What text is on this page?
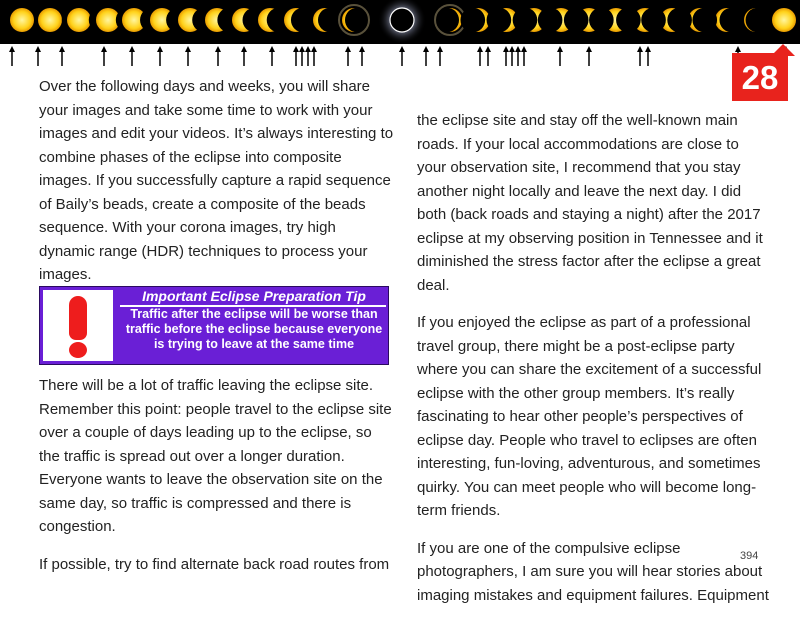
28

Over the following days and weeks, you will share your images and take some time to work with your images and edit your videos. It’s always interesting to combine phases of the eclipse into composite images. If you successfully capture a rapid sequence of Baily’s beads, create a composite of the beads sequence. With your corona images, try high dynamic range (HDR) techniques to process your images.

Important Eclipse Preparation Tip
Traffic after the eclipse will be worse than traffic before the eclipse because everyone is trying to leave at the same time

There will be a lot of traffic leaving the eclipse site. Remember this point: people travel to the eclipse site over a couple of days leading up to the eclipse, so the traffic is spread out over a longer duration. Everyone wants to leave the observation site on the same day, so traffic is compressed and there is congestion.

If possible, try to find alternate back road routes from

the eclipse site and stay off the well-known main roads. If your local accommodations are close to your observation site, I recommend that you stay another night locally and leave the next day. I did both (back roads and staying a night) after the 2017 eclipse at my observing position in Tennessee and it diminished the stress factor after the eclipse a great deal.

If you enjoyed the eclipse as part of a professional travel group, there might be a post-eclipse party where you can share the excitement of a successful eclipse with the other group members. It’s really fascinating to hear other people’s perspectives of eclipse day. People who travel to eclipses are often interesting, fun-loving, adventurous, and sometimes quirky. You can meet people who will become long-term friends.

If you are one of the compulsive eclipse photographers, I am sure you will hear stories about imaging mistakes and equipment failures. Equipment

394
